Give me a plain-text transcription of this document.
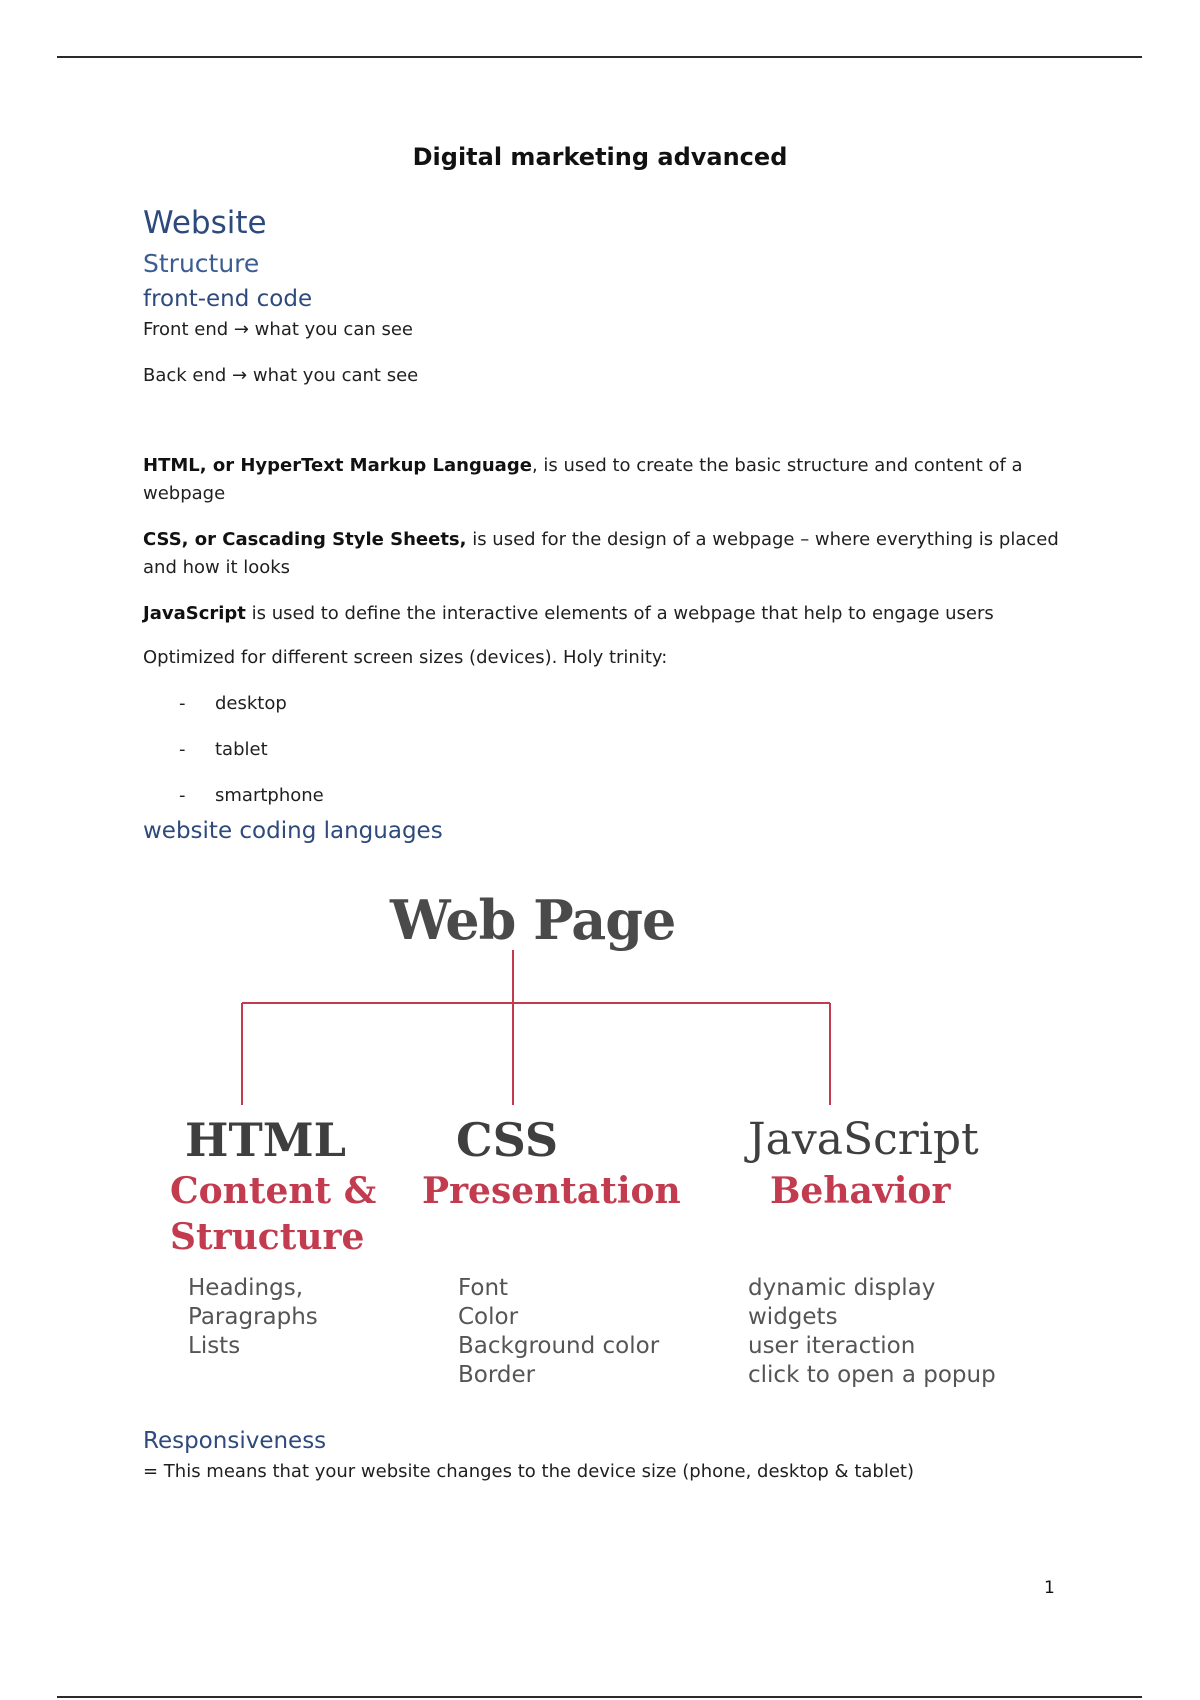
Digital marketing advanced

Website

Structure

front-end code

Front end → what you can see

Back end → what you cant see

HTML, or HyperText Markup Language, is used to create the basic structure and content of a webpage

CSS, or Cascading Style Sheets, is used for the design of a webpage – where everything is placed and how it looks

JavaScript is used to define the interactive elements of a webpage that help to engage users

Optimized for different screen sizes (devices). Holy trinity:

- desktop
- tablet
- smartphone

website coding languages

Web Page

HTML

Content & Structure

Headings,
Paragraphs
Lists

CSS

Presentation

Font
Color
Background color
Border

JavaScript

Behavior

dynamic display
widgets
user iteraction
click to open a popup

Responsiveness

= This means that your website changes to the device size (phone, desktop & tablet)

1
